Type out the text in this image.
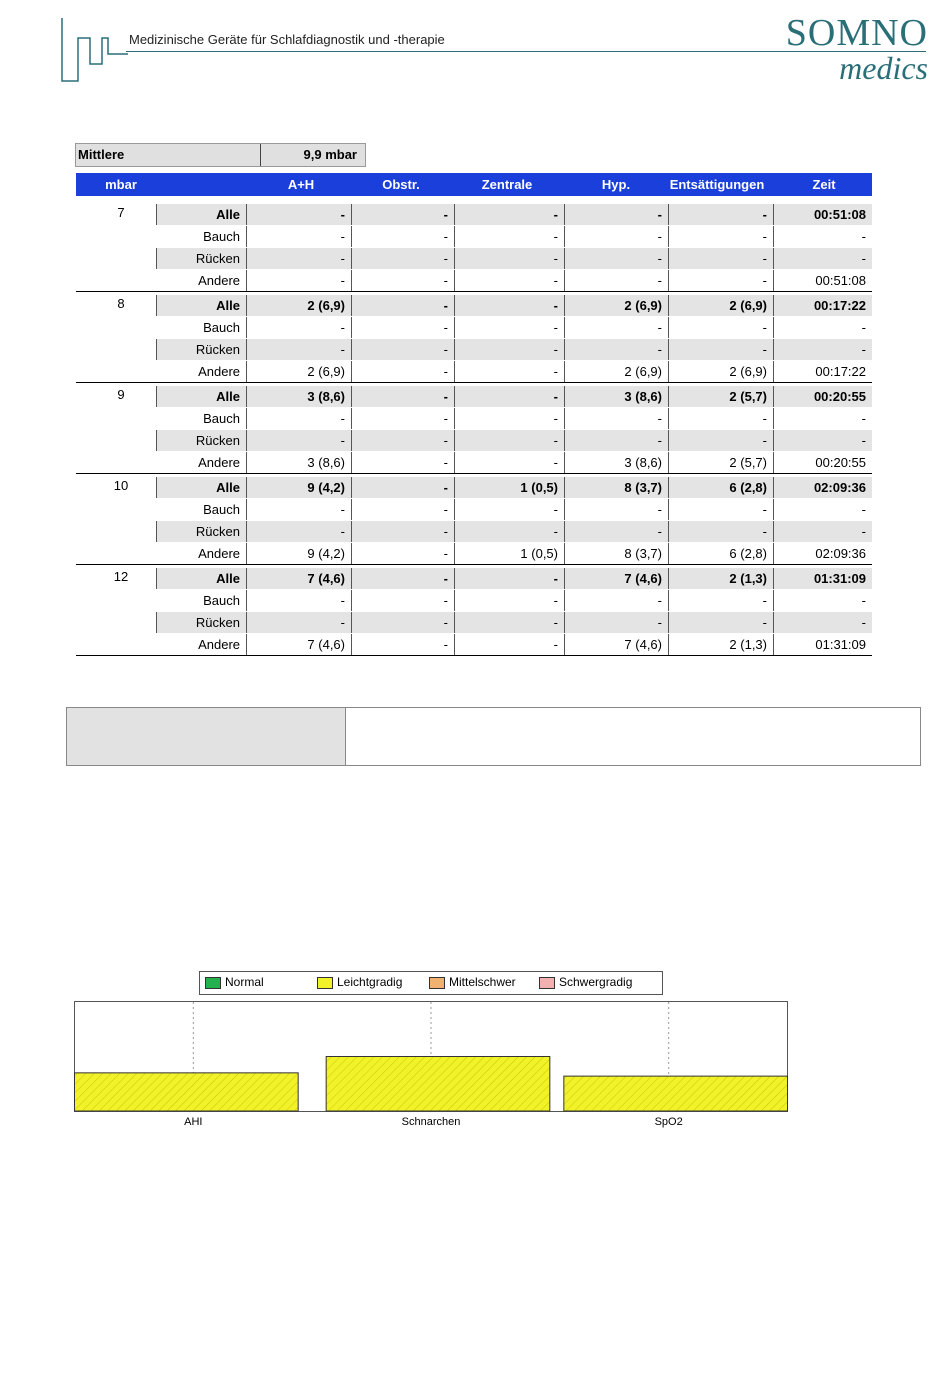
Medizinische Geräte für Schlafdiagnostik und -therapie	SOMNO
medics
Mittlere	9,9 mbar
mbar	A+H	Obstr.	Zentrale	Hyp.	Entsättigungen	Zeit
7	Alle	-	-	-	-	-	00:51:08
Bauch	-	-	-	-	-	-
Rücken	-	-	-	-	-	-
Andere	-	-	-	-	-	00:51:08
8	Alle	2 (6,9)	-	-	2 (6,9)	2 (6,9)	00:17:22
Bauch	-	-	-	-	-	-
Rücken	-	-	-	-	-	-
Andere	2 (6,9)	-	-	2 (6,9)	2 (6,9)	00:17:22
9	Alle	3 (8,6)	-	-	3 (8,6)	2 (5,7)	00:20:55
Bauch	-	-	-	-	-	-
Rücken	-	-	-	-	-	-
Andere	3 (8,6)	-	-	3 (8,6)	2 (5,7)	00:20:55
10	Alle	9 (4,2)	-	1 (0,5)	8 (3,7)	6 (2,8)	02:09:36
Bauch	-	-	-	-	-	-
Rücken	-	-	-	-	-	-
Andere	9 (4,2)	-	1 (0,5)	8 (3,7)	6 (2,8)	02:09:36
12	Alle	7 (4,6)	-	-	7 (4,6)	2 (1,3)	01:31:09
Bauch	-	-	-	-	-	-
Rücken	-	-	-	-	-	-
Andere	7 (4,6)	-	-	7 (4,6)	2 (1,3)	01:31:09
Normal	Leichtgradig	Mittelschwer	Schwergradig
AHI	Schnarchen	SpO2
